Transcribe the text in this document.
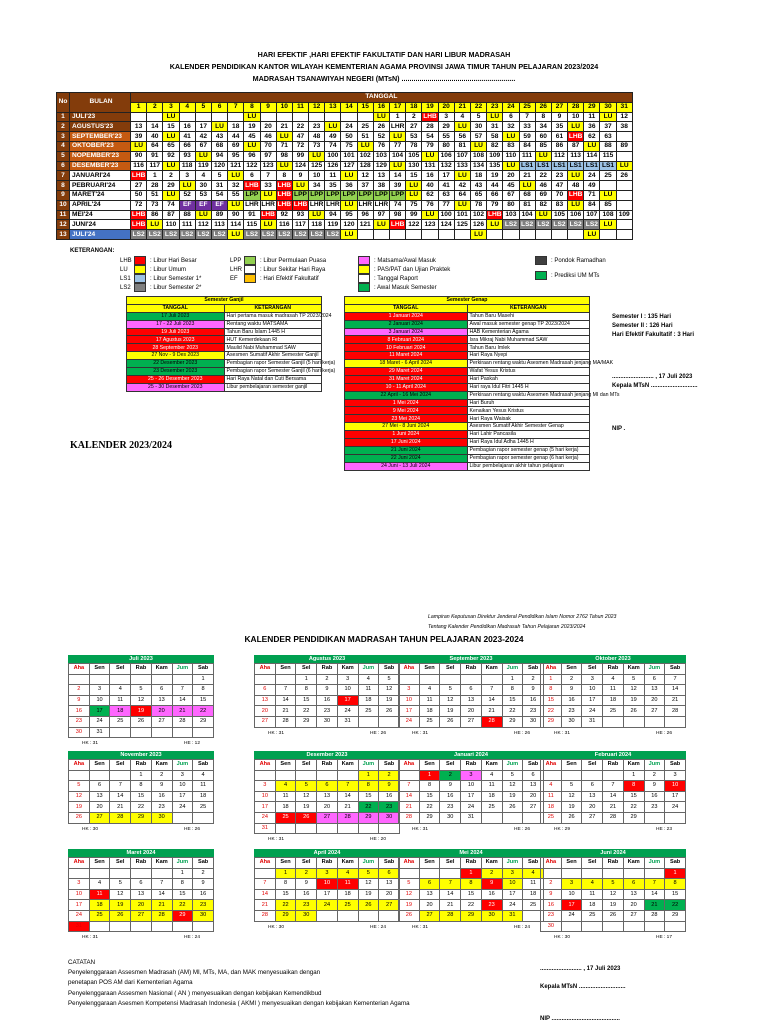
HARI EFEKTIF ,HARI EFEKTIF FAKULTATIF DAN HARI LIBUR MADRASAH
KALENDER PENDIDIKAN KANTOR WILAYAH KEMENTERIAN AGAMA PROVINSI JAWA TIMUR TAHUN PELAJARAN 2023/2024
MADRASAH TSANAWIYAH NEGERI (MTsN) .........................................................
No	BULAN	TANGGAL																														
		1	2	3	4	5	6	7	8	9	10	11	12	13	14	15	16	17	18	19	20	21	22	23	24	25	26	27	28	29	30	31
1	JULI'23			LU					LU								LU	1	2	LHB	3	4	5	LU	6	7	8	9	10	11	LU	12
2	AGUSTUS'23	13	14	15	16	17	LU	18	19	20	21	22	23	LU	24	25	26	LHR	27	28	29	LU	30	31	32	33	34	35	LU	36	37	38
3	SEPTEMBER'23	39	40	LU	41	42	43	44	45	46	LU	47	48	49	50	51	52	LU	53	54	55	56	57	58	LU	59	60	61	LHB	62	63	
4	OKTOBER'23	LU	64	65	66	67	68	69	LU	70	71	72	73	74	75	LU	76	77	78	79	80	81	LU	82	83	84	85	86	87	LU	88	89
5	NOPEMBER'23	90	91	92	93	LU	94	95	96	97	98	99	LU	100	101	102	103	104	105	LU	106	107	108	109	110	111	LU	112	113	114	115	
6	DESEMBER'23	116	117	LU	118	119	120	121	122	123	LU	124	125	126	127	128	129	LU	130	131	132	133	134	135	LU	LS1	LS1	LS1	LS1	LS1	LS1	LU
7	JANUARI'24	LHB	1	2	3	4	5	LU	6	7	8	9	10	11	LU	12	13	14	15	16	17	LU	18	19	20	21	22	23	LU	24	25	26
8	PEBRUARI'24	27	28	29	LU	30	31	32	LHB	33	LHB	LU	34	35	36	37	38	39	LU	40	41	42	43	44	45	LU	46	47	48	49		
9	MARET'24	50	51	LU	52	53	54	55	LPP	LU	LHB	LPP	LPP	LPP	LPP	LPP	LPP	LPP	LU	62	63	64	65	66	67	68	69	70	LHB	71	LU	
10	APRIL'24	72	73	74	EF	EF	EF	LU	LHR	LHR	LHB	LHB	LHR	LHR	LU	LHR	LHR	74	75	76	77	LU	78	79	80	81	82	83	LU	84	85	
11	MEI'24	LHB	86	87	88	LU	89	90	91	LHB	92	93	LU	94	95	96	97	98	99	LU	100	101	102	LHB	103	104	LU	105	106	107	108	109
12	JUNI'24	LHB	LU	110	111	112	113	114	115	LU	116	117	118	119	120	121	LU	LHB	122	123	124	125	126	LU	LS2	LS2	LS2	LS2	LS2	LS2	LU	
13	JULI'24	LS2	LS2	LS2	LS2	LS2	LS2	LU	LS2	LS2	LS2	LS2	LS2	LS2	LU								LU							LU		
KETERANGAN:
LHB	: Libur Hari Besar
LU	: Libur Umum
LS1	: Libur Semester 1*
LS2	: Libur Semester 2*
LPP	: Libur Permulaan Puasa
LHR	: Libur Sekitar Hari Raya
EF	: Hari Efektif Fakultatif
: Matsama/Awal Masuk
: PAS/PAT dan Ujian Praktek
: Tanggal Raport
: Awal Masuk Semester
: Pondok Ramadhan
: Prediksi UM MTs
Semester Ganjil	
TANGGAL	KETERANGAN
17 Juli 2023	Hari pertama masuk madrasah TP 2023/2024
17 - 22 Juli 2023	Rentang waktu MATSAMA
19 Juli 2023	Tahun Baru Islam 1445 H
17 Agustus 2023	HUT Kemerdekaan RI
28 September 2023	Maulid Nabi Muhammad SAW
27 Nov - 9 Des 2023	Asesmen Sumatif Akhir Semester Ganjil
22 Desember 2023	Pembagian rapor Semester Ganjil (5 hari kerja)
23 Desember 2023	Pembagian rapor Semester Ganjil (6 hari kerja)
25 - 26 Desember 2023	Hari Raya Natal dan Cuti Bersama
25 - 30 Desember 2023	Libur pembelajaran semester ganjil
Semester Genap	
TANGGAL	KETERANGAN
1 Januari 2024	Tahun Baru Masehi
2 Januari 2024	Awal masuk semester genap TP 2023/2024
3 Januari 2024	HAB Kementerian Agama
8 Februari 2024	Isra Mikraj Nabi Muhammad SAW
10 Februari 2024	Tahun Baru Imlek
11 Maret 2024	Hari Raya Nyepi
18 Maret - 6 April 2024	Perkiraan rentang waktu Asesmen Madrasah jenjang MA/MAK
29 Maret 2024	Wafat Yesus Kristus
31 Maret 2024	Hari Paskah
10 - 11 April 2024	Hari raya Idul Fitri 1445 H
22 April - 16 Mei 2024	Perkiraan rentang waktu Asesmen Madrasah jenjang MI dan MTs
1 Mei 2024	Hari Buruh
9 Mei 2024	Kenaikan Yesus Kristus
23 Mei 2024	Hari Raya Waisak
27 Mei - 8 Juni 2024	Asesmen Sumatif Akhir Semester Genap
1 Juni 2024	Hari Lahir Pancasila
17 Juni 2024	Hari Raya Idul Adha 1445 H
21 Juni 2024	Pembagian rapor semester genap (5 hari kerja)
22 Juni 2024	Pembagian rapor semester genap (6 hari kerja)
24 Juni - 13 Juli 2024	Libur pembelajaran akhir tahun pelajaran
Semester I : 135 Hari
Semester II : 126 Hari
Hari Efektif Fakultatif : 3 Hari
......................... , 17 Juli 2023
Kepala MTsN ............................
NIP .
KALENDER 2023/2024
Lampiran Keputusan Direktur Jenderal Pendidikan Islam Nomor 2762 Tahun 2023
Tentang Kalender Pendidikan Madrasah Tahun Pelajaran 2023/2024
KALENDER PENDIDIKAN MADRASAH TAHUN PELAJARAN 2023-2024
Juli 2023
Aha	Sen	Sel	Rab	Kam	Jum	Sab
						1
2	3	4	5	6	7	8
9	10	11	12	13	14	15
16	17	18	19	20	21	22
23	24	25	26	27	28	29
30	31					
HK : 31	HE : 12
Agustus 2023
Aha	Sen	Sel	Rab	Kam	Jum	Sab
		1	2	3	4	5
6	7	8	9	10	11	12
13	14	15	16	17	18	19
20	21	22	23	24	25	26
27	28	29	30	31		
HK : 31	HE : 26
September 2023
Aha	Sen	Sel	Rab	Kam	Jum	Sab
					1	2
3	4	5	6	7	8	9
10	11	12	13	14	15	16
17	18	19	20	21	22	23
24	25	26	27	28	29	30
HK : 31	HE : 26
Oktober 2023
Aha	Sen	Sel	Rab	Kam	Jum	Sab
1	2	3	4	5	6	7
8	9	10	11	12	13	14
15	16	17	18	19	20	21
22	23	24	25	26	27	28
29	30	31				
HK : 31	HE : 26
November 2023
Aha	Sen	Sel	Rab	Kam	Jum	Sab
			1	2	3	4
5	6	7	8	9	10	11
12	13	14	15	16	17	18
19	20	21	22	23	24	25
26	27	28	29	30		
HK : 30	HE : 26
Desember 2023
Aha	Sen	Sel	Rab	Kam	Jum	Sab
					1	2
3	4	5	6	7	8	9
10	11	12	13	14	15	16
17	18	19	20	21	22	23
24	25	26	27	28	29	30
31						
HK : 31	HE : 20
Januari 2024
Aha	Sen	Sel	Rab	Kam	Jum	Sab
	1	2	3	4	5	6
7	8	9	10	11	12	13
14	15	16	17	18	19	20
21	22	23	24	25	26	27
28	29	30	31			
HK : 31	HE : 26
Februari 2024
Aha	Sen	Sel	Rab	Kam	Jum	Sab
				1	2	3
4	5	6	7	8	9	10
11	12	13	14	15	16	17
18	19	20	21	22	23	24
25	26	27	28	29		
HK : 29	HE : 23
Maret 2024
Aha	Sen	Sel	Rab	Kam	Jum	Sab
					1	2
3	4	5	6	7	8	9
10	11	12	13	14	15	16
17	18	19	20	21	22	23
24	25	26	27	28	29	30
31						
HK : 31	HE : 24
April 2024
Aha	Sen	Sel	Rab	Kam	Jum	Sab
	1	2	3	4	5	6
7	8	9	10	11	12	13
14	15	16	17	18	19	20
21	22	23	24	25	26	27
28	29	30				
HK : 30	HE : 24
Mei 2024
Aha	Sen	Sel	Rab	Kam	Jum	Sab
			1	2	3	4
5	6	7	8	9	10	11
12	13	14	15	16	17	18
19	20	21	22	23	24	25
26	27	28	29	30	31	
HK : 31	HE : 24
Juni 2024
Aha	Sen	Sel	Rab	Kam	Jum	Sab
						1
2	3	4	5	6	7	8
9	10	11	12	13	14	15
16	17	18	19	20	21	22
23	24	25	26	27	28	29
30						
HK : 30	HE : 17
CATATAN
Penyelenggaraan Assesmen Madrasah (AM) MI, MTs, MA, dan MAK menyesuaikan dengan
penetapan POS AM dari Kementerian Agama
Penyelenggaraan Assesmen Nasional ( AN ) menyesuaikan dengan kebijakan Kemendikbud
Penyelenggaraan Asesmen Kompetensi Madrasah Indonesia ( AKMI ) menyesuaikan dengan kebijakan Kementerian Agama
......................... , 17 Juli 2023
Kepala MTsN ............................
NIP .........................................
